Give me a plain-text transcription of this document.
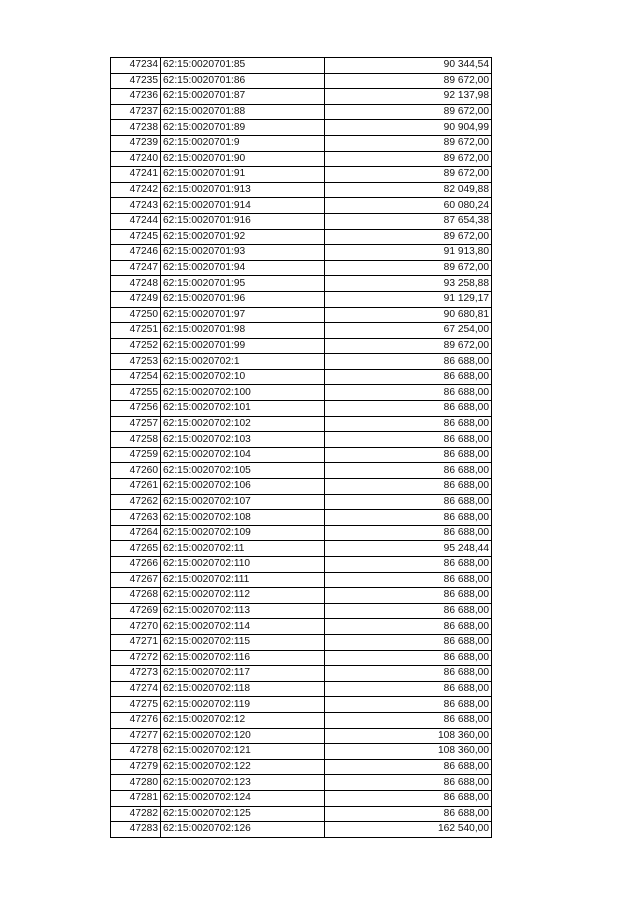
47234	62:15:0020701:85	90 344,54
47235	62:15:0020701:86	89 672,00
47236	62:15:0020701:87	92 137,98
47237	62:15:0020701:88	89 672,00
47238	62:15:0020701:89	90 904,99
47239	62:15:0020701:9	89 672,00
47240	62:15:0020701:90	89 672,00
47241	62:15:0020701:91	89 672,00
47242	62:15:0020701:913	82 049,88
47243	62:15:0020701:914	60 080,24
47244	62:15:0020701:916	87 654,38
47245	62:15:0020701:92	89 672,00
47246	62:15:0020701:93	91 913,80
47247	62:15:0020701:94	89 672,00
47248	62:15:0020701:95	93 258,88
47249	62:15:0020701:96	91 129,17
47250	62:15:0020701:97	90 680,81
47251	62:15:0020701:98	67 254,00
47252	62:15:0020701:99	89 672,00
47253	62:15:0020702:1	86 688,00
47254	62:15:0020702:10	86 688,00
47255	62:15:0020702:100	86 688,00
47256	62:15:0020702:101	86 688,00
47257	62:15:0020702:102	86 688,00
47258	62:15:0020702:103	86 688,00
47259	62:15:0020702:104	86 688,00
47260	62:15:0020702:105	86 688,00
47261	62:15:0020702:106	86 688,00
47262	62:15:0020702:107	86 688,00
47263	62:15:0020702:108	86 688,00
47264	62:15:0020702:109	86 688,00
47265	62:15:0020702:11	95 248,44
47266	62:15:0020702:110	86 688,00
47267	62:15:0020702:111	86 688,00
47268	62:15:0020702:112	86 688,00
47269	62:15:0020702:113	86 688,00
47270	62:15:0020702:114	86 688,00
47271	62:15:0020702:115	86 688,00
47272	62:15:0020702:116	86 688,00
47273	62:15:0020702:117	86 688,00
47274	62:15:0020702:118	86 688,00
47275	62:15:0020702:119	86 688,00
47276	62:15:0020702:12	86 688,00
47277	62:15:0020702:120	108 360,00
47278	62:15:0020702:121	108 360,00
47279	62:15:0020702:122	86 688,00
47280	62:15:0020702:123	86 688,00
47281	62:15:0020702:124	86 688,00
47282	62:15:0020702:125	86 688,00
47283	62:15:0020702:126	162 540,00
